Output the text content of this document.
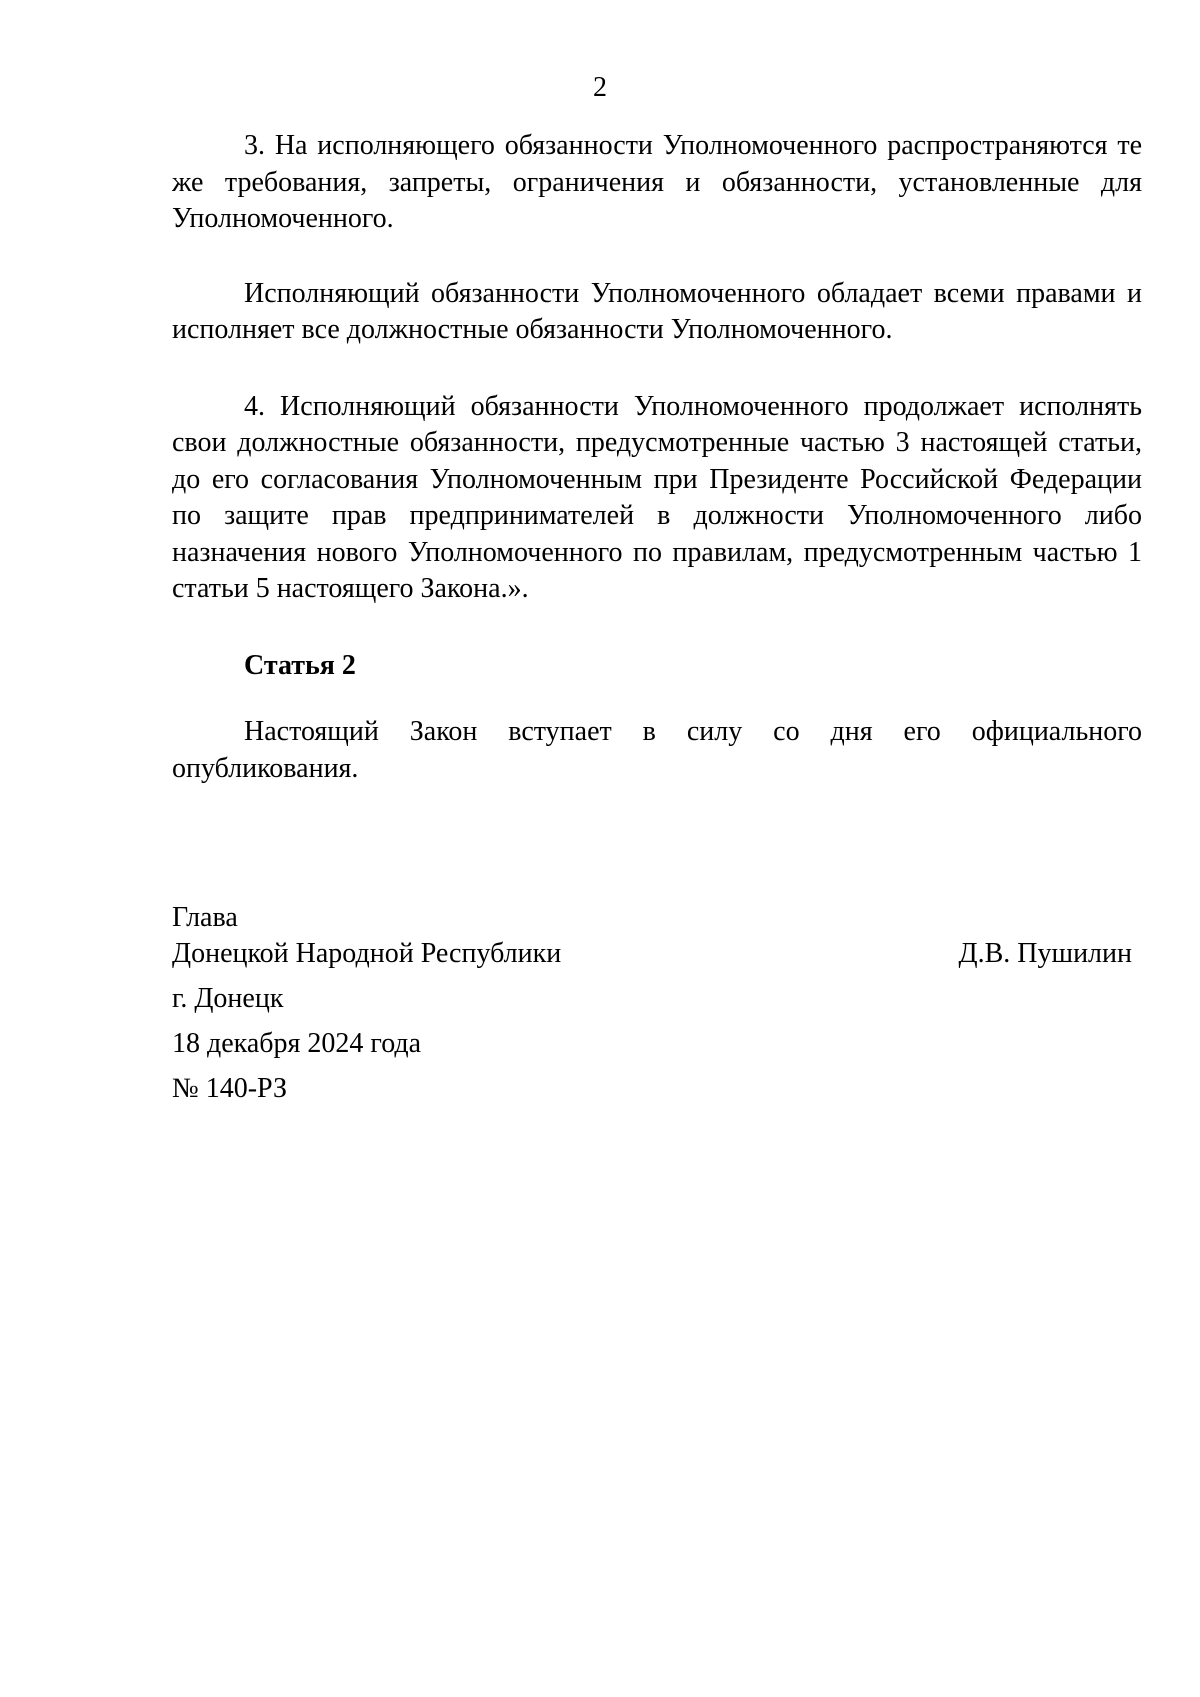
2

3. На исполняющего обязанности Уполномоченного распространяются те же требования, запреты, ограничения и обязанности, установленные для Уполномоченного.

Исполняющий обязанности Уполномоченного обладает всеми правами и исполняет все должностные обязанности Уполномоченного.

4. Исполняющий обязанности Уполномоченного продолжает исполнять свои должностные обязанности, предусмотренные частью 3 настоящей статьи, до его согласования Уполномоченным при Президенте Российской Федерации по защите прав предпринимателей в должности Уполномоченного либо назначения нового Уполномоченного по правилам, предусмотренным частью 1 статьи 5 настоящего Закона.».

Статья 2

Настоящий Закон вступает в силу со дня его официального опубликования.

Глава
Донецкой Народной Республики	Д.В. Пушилин
г. Донецк
18 декабря 2024 года
№ 140-РЗ
